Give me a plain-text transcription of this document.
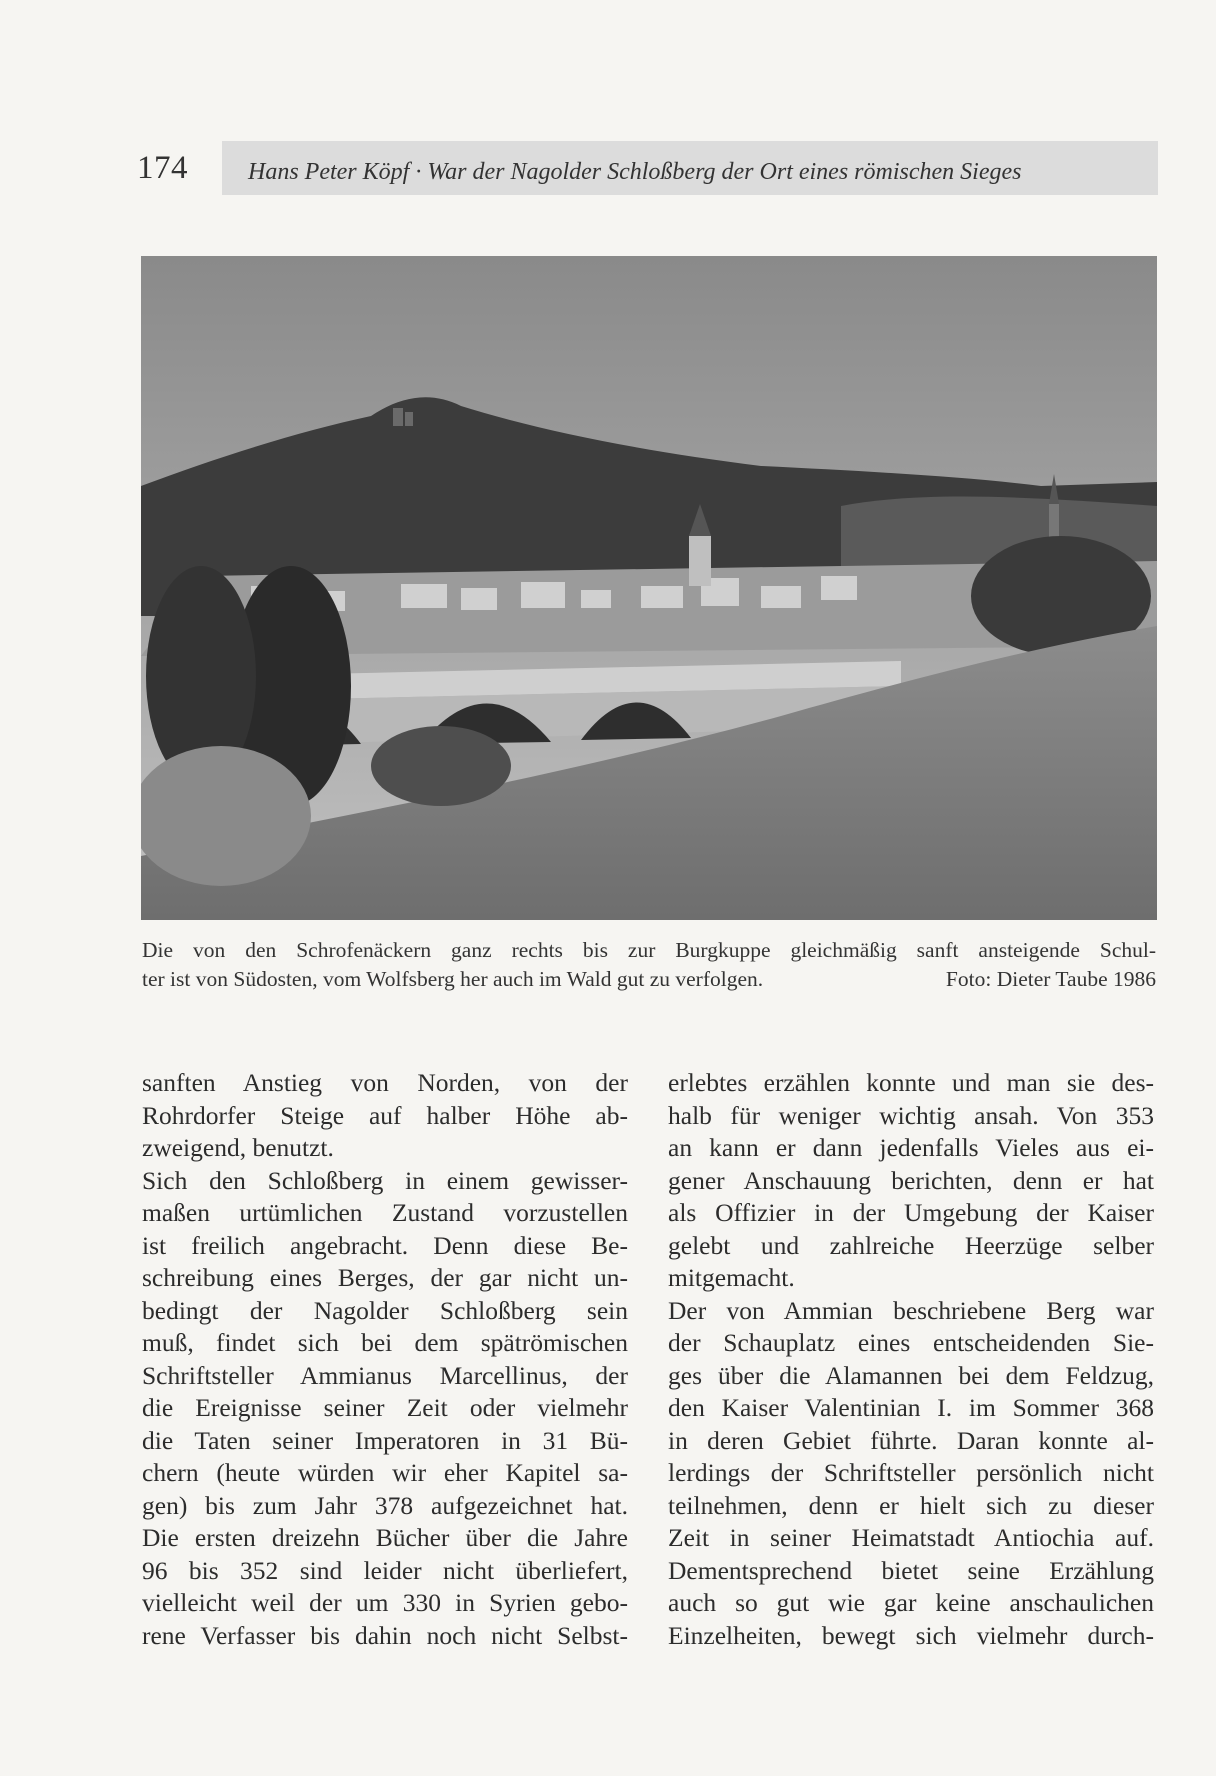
174	Hans Peter Köpf · War der Nagolder Schloßberg der Ort eines römischen Sieges
Die von den Schrofenäckern ganz rechts bis zur Burgkuppe gleichmäßig sanft ansteigende Schul-
ter ist von Südosten, vom Wolfsberg her auch im Wald gut zu verfolgen.	Foto: Dieter Taube 1986
sanften Anstieg von Norden, von der
Rohrdorfer Steige auf halber Höhe ab-
zweigend, benutzt.
Sich den Schloßberg in einem gewisser-
maßen urtümlichen Zustand vorzustellen
ist freilich angebracht. Denn diese Be-
schreibung eines Berges, der gar nicht un-
bedingt der Nagolder Schloßberg sein
muß, findet sich bei dem spätrömischen
Schriftsteller Ammianus Marcellinus, der
die Ereignisse seiner Zeit oder vielmehr
die Taten seiner Imperatoren in 31 Bü-
chern (heute würden wir eher Kapitel sa-
gen) bis zum Jahr 378 aufgezeichnet hat.
Die ersten dreizehn Bücher über die Jahre
96 bis 352 sind leider nicht überliefert,
vielleicht weil der um 330 in Syrien gebo-
rene Verfasser bis dahin noch nicht Selbst-
erlebtes erzählen konnte und man sie des-
halb für weniger wichtig ansah. Von 353
an kann er dann jedenfalls Vieles aus ei-
gener Anschauung berichten, denn er hat
als Offizier in der Umgebung der Kaiser
gelebt und zahlreiche Heerzüge selber
mitgemacht.
Der von Ammian beschriebene Berg war
der Schauplatz eines entscheidenden Sie-
ges über die Alamannen bei dem Feldzug,
den Kaiser Valentinian I. im Sommer 368
in deren Gebiet führte. Daran konnte al-
lerdings der Schriftsteller persönlich nicht
teilnehmen, denn er hielt sich zu dieser
Zeit in seiner Heimatstadt Antiochia auf.
Dementsprechend bietet seine Erzählung
auch so gut wie gar keine anschaulichen
Einzelheiten, bewegt sich vielmehr durch-
